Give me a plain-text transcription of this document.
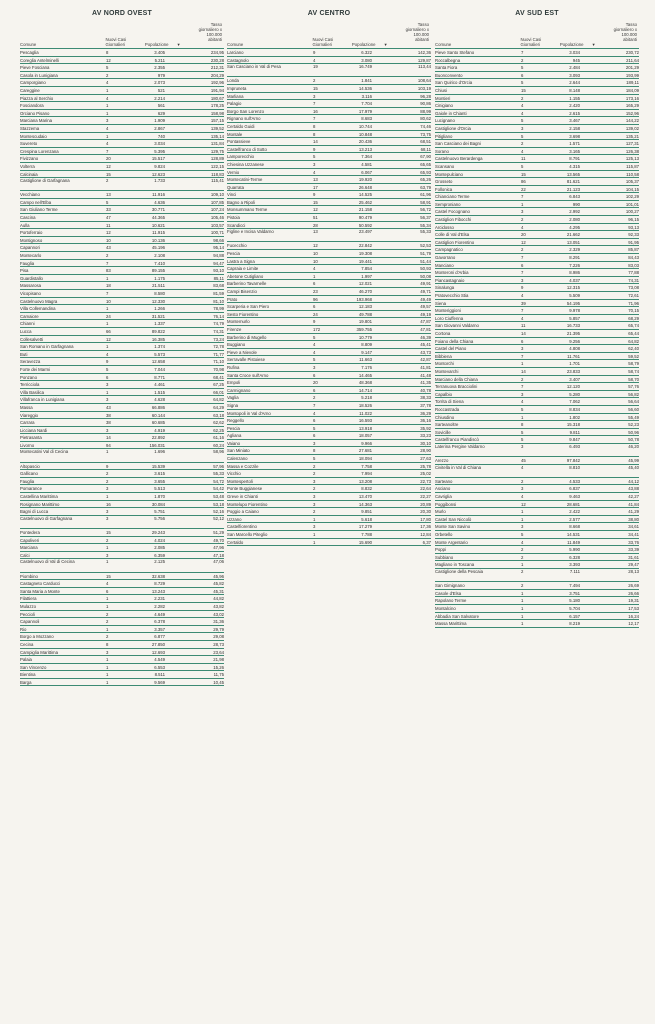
AV NORD OVEST
Comune
Nuovi Casi
Giornalieri	Popolazione
Tasso
giornaliero x
100.000
abitanti
▼
Pescaglia	8	3.405	234,95
Coreglia Antelminelli	12	5.211	230,28
Pieve Fosciana	5	2.355	212,31
Casola in Lunigiana	2	979	204,29
Camporgiano	4	2.073	192,96
Careggine	1	521	191,94
Piazza al Serchio	4	2.214	180,67
Fosciandora	1	561	178,25
Orciano Pisano	1	629	158,98
Marciana Marina	3	1.909	157,15
Stazzema	4	2.867	139,52
Montescudaio	1	740	135,14
Suvereto	4	3.034	131,84
Crespina Lorenzana	7	5.395	129,75
Fivizzano	20	15.517	128,89
Volterra	12	9.824	122,15
Calcinaia	15	12.623	118,83
Castiglione di Garfagnana	2	1.733	115,41
Vecchiano	13	11.916	109,10
Campo nell'Elba	5	4.636	107,85
San Giuliano Terme	33	30.771	107,24
Cascina	47	44.365	105,46
Aulla	11	10.621	103,57
Portoferraio	12	11.915	100,71
Montignoso	10	10.136	98,66
Capannori	43	45.196	95,14
Montecarlo	2	2.108	94,88
Fauglia	7	7.410	94,47
Pisa	83	89.155	93,10
Guardistallo	1	1.175	85,11
Massarosa	18	21.511	83,68
Vicopisano	7	8.580	81,59
Castelnuovo Magra	10	12.330	81,10
Villa Collemandina	1	1.266	78,99
Camaiore	24	31.521	76,14
Chianni	1	1.337	74,79
Lucca	66	89.822	74,31
Collesalvetti	12	16.385	73,24
San Romano in Garfagnana	1	1.374	72,78
Buti	4	5.573	71,77
Seravezza	9	12.658	71,10
Forte dei Marmi	5	7.044	70,98
Ponzano	6	8.771	68,41
Terricciola	3	4.461	67,25
Villa Basilica	1	1.515	66,01
Villafranca in Lunigiana	3	4.628	64,82
Massa	43	66.886	64,29
Viareggio	38	60.144	63,18
Carrara	38	60.685	62,62
Licciana Nardi	3	4.919	62,25
Pietrasanta	14	22.892	61,16
Livorno	94	156.031	60,24
Montecatini Val di Cecina	1	1.696	58,96
Altopascio	9	15.539	57,96
Gallicano	2	3.615	55,33
Fauglia	2	3.655	54,72
Pomarance	3	5.513	54,42
Castellina Marittima	1	1.870	53,48
Rosignano Marittimo	16	30.084	53,18
Bagni di Lucca	3	5.751	52,16
Castelnuovo di Garfagnana	3	5.756	52,12
Pontedera	15	29.243	51,29
Capoliveri	2	4.024	49,70
Marciana	1	2.085	47,96
Calci	3	6.359	47,18
Castelnuovo di Val di Cecina	1	2.125	47,06
Piombino	15	32.638	45,96
Castagneto Carducci	4	8.729	45,82
Santa Maria a Monte	6	13.243	45,31
Filattiera	1	2.231	44,82
Mulazzo	1	2.282	43,82
Peccioli	2	4.649	43,02
Capannoli	2	6.378	31,36
Rio	1	3.357	29,79
Borgo a Mozzano	2	6.877	29,08
Cecina	8	27.850	28,73
Campiglia Marittima	3	12.693	23,64
Palaia	1	4.549	21,98
San Vincenzo	1	6.553	15,26
Bientina	1	8.511	11,75
Barga	1	9.569	10,45
AV CENTRO
Comune
Nuovi Casi
Giornalieri	Popolazione
Tasso
giornaliero x
100.000
abitanti
▼
Larciano	9	6.322	142,36
Castagnolo	4	3.080	129,87
San Casciano in Val di Pesa	19	16.749	113,44
Londa	2	1.841	108,64
Impruneta	15	14.536	103,19
Marliana	3	3.116	96,28
Palagio	7	7.704	90,86
Borgo San Lorenzo	16	17.979	88,99
Rignano sull'Arno	7	8.683	80,62
Certaldo Guidi	8	10.744	74,46
Montale	8	10.848	73,75
Pontassieve	14	20.436	68,51
Castelfranco di Sotto	9	13.213	68,11
Lamporecchio	5	7.364	67,90
Chiesina Uzzanese	3	4.581	65,65
Vernio	4	6.067	65,93
Montecatini-Terme	13	19.920	65,26
Quarrata	17	26.648	63,79
Vinci	9	14.525	61,96
Bagno a Ripoli	15	25.462	58,91
Monsummano Terme	12	21.158	56,72
Pistoia	51	90.479	56,37
Scandicci	28	50.592	55,34
Figline e Incisa Valdarno	13	23.497	55,33
Fucecchio	12	22.842	52,53
Pescia	10	19.308	51,79
Lastra a Signa	10	19.441	51,44
Capraia e Limite	4	7.854	50,93
Abetone Cutigliano	1	1.997	50,08
Barberino Tavarnelle	6	12.021	49,91
Campi Bisenzio	23	46.270	49,71
Prato	96	193.968	49,49
Scarperia e San Piero	6	12.183	49,57
Sesto Fiorentino	24	49.788	49,19
Montemurlo	9	19.801	47,87
Firenze	172	359.755	47,81
Barberino di Mugello	5	10.779	46,39
Buggiano	4	8.809	45,41
Pieve a Nievole	4	9.147	43,73
Serravalle Pistoiese	5	11.663	42,87
Rufina	3	7.176	41,81
Santa Croce sull'Arno	6	14.465	41,48
Empoli	20	48.368	41,35
Carmignano	6	14.714	40,78
Vaglia	2	5.218	38,33
Signa	7	18.526	37,78
Montopoli in Val d'Arno	4	11.022	36,29
Reggello	6	16.593	36,16
Pescia	5	13.918	35,92
Agliana	6	18.057	33,23
Vaiano	3	9.966	30,10
San Miniato	8	27.681	28,90
Calenzano	5	18.094	27,63
Massa e Cozzile	2	7.758	25,78
Vicchio	2	7.994	25,02
Montespertoli	3	13.208	22,73
Ponte Buggianese	2	8.832	22,64
Greve in Chianti	3	13.470	22,27
Montelupo Fiorentino	3	14.363	20,89
Poggio a Caiano	2	9.851	20,30
Uzzano	1	5.618	17,80
Castelfiorentino	3	17.279	17,36
San Marcello Piteglio	1	7.788	12,84
Certaldo	1	15.690	6,37
AV SUD EST
Comune
Nuovi Casi
Giornalieri	Popolazione
Tasso
giornaliero x
100.000
abitanti
▼
Pieve Santo Stefano	7	3.034	230,72
Roccalbegna	2	945	211,64
Santa Fiora	5	2.484	201,29
Buonconvento	6	3.093	193,99
San Quirico d'Orcia	5	2.644	189,11
Chiusi	15	8.148	184,09
Montieri	2	1.155	173,16
Cinigiano	4	2.420	165,29
Gaiole in Chianti	4	2.615	152,96
Lucignano	5	3.467	144,22
Castiglione d'Orcia	3	2.158	139,02
Pitigliano	5	3.698	135,21
San Casciano dei Bagni	2	1.571	127,31
Sorano	4	3.165	126,38
Castelnuovo Berardenga	11	8.791	125,13
Scansano	5	4.315	115,87
Montepulciano	15	13.565	110,58
Grosseto	86	81.621	105,37
Follonica	22	21.123	104,15
Chianciano Terme	7	6.843	102,29
Semproniano	1	990	101,01
Castel Focognano	3	2.992	100,27
Castiglion Fibocchi	2	2.080	96,15
Arcidosso	4	4.295	93,13
Colle di Val d'Elsa	20	21.662	92,33
Castiglion Fiorentino	12	13.051	91,95
Campagnatico	2	2.329	85,87
Gavorrano	7	8.291	84,43
Manciano	6	7.226	83,03
Monteroni d'Arbia	7	8.986	77,88
Piancastagnaio	3	4.037	74,31
Sinalunga	9	12.315	73,08
Pratovecchio Stia	4	5.509	72,61
Siena	39	54.195	71,96
Monteriggioni	7	9.978	70,15
Loro Ciuffenna	4	5.857	68,29
San Giovanni Valdarno	11	16.733	65,74
Cortona	14	21.395	65,44
Foiano della Chiana	6	9.256	64,82
Castel del Piano	3	4.808	62,40
Bibbiena	7	11.761	59,52
Montorchi	1	1.701	58,79
Montevarchi	14	23.833	58,74
Marciano della Chiana	2	3.407	58,70
Terranuova Bracciolini	7	12.120	57,76
Capalbio	3	5.280	56,82
Torrita di Siena	4	7.062	56,64
Roccastrada	5	8.834	56,60
Chiusdino	1	1.802	55,49
Sarteanoltre	8	15.318	52,23
Sovicille	5	9.811	50,96
Castelfranco Piandiscò	5	9.847	50,78
Laterina Pergine Valdarno	3	6.493	46,20
Arezzo	45	97.842	45,99
Civitella in Val di Chiana	4	8.810	45,40
Sarteano	2	4.533	44,12
Asciano	3	6.837	43,88
Cavriglia	4	9.463	42,27
Poggibonsi	12	28.681	41,84
Murlo	1	2.422	41,29
Castel San Niccolò	1	2.577	38,80
Monte San Savino	3	8.668	34,61
Orbetello	5	14.531	34,41
Monte Argentario	4	11.849	33,76
Poppi	2	5.990	33,39
Subbiano	2	6.328	31,61
Magliano in Toscana	1	3.393	29,47
Castiglione della Pescaia	2	7.111	28,13
San Gimignano	2	7.494	26,69
Casole d'Elsa	1	3.751	26,66
Rapolano Terme	1	5.180	19,31
Montalcino	1	5.704	17,53
Abbadia San Salvatore	1	6.157	16,24
Massa Marittima	1	8.219	12,17
